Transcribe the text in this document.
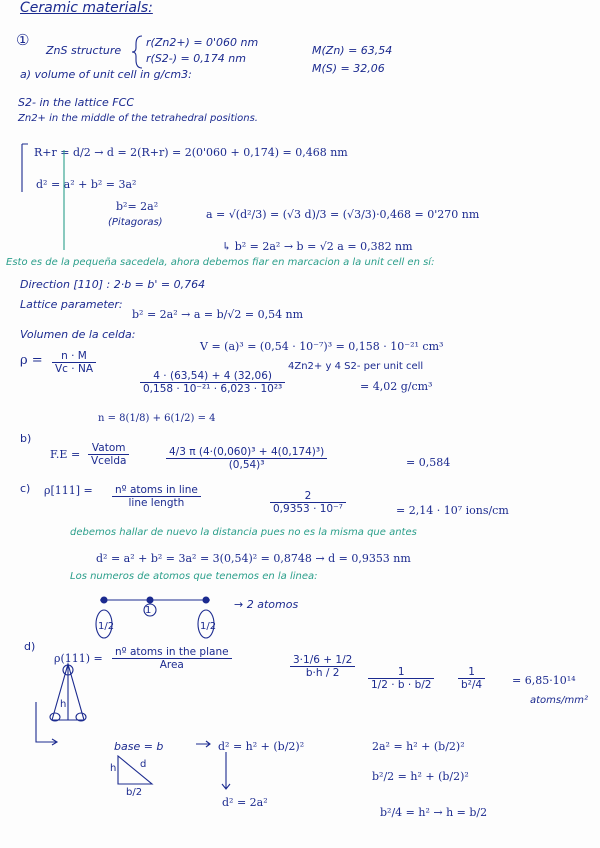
Ceramic materials:
①
ZnS structure
r(Zn2+) = 0'060 nm
r(S2-) = 0,174 nm
M(Zn) = 63,54
M(S) = 32,06
a) volume of unit cell in g/cm3:
S2- in the lattice FCC
Zn2+ in the middle of the tetrahedral positions.
R+r = d/2 → d = 2(R+r) = 2(0'060 + 0,174) = 0,468 nm
d² = a² + b² = 3a²
b²= 2a²
(Pitagoras)
a = √(d²/3) = (√3 d)/3 = (√3/3)·0,468 = 0'270 nm
↳ b² = 2a² → b = √2 a = 0,382 nm
Esto es de la pequeña sacedela, ahora debemos fiar en marcacion a la unit cell en sí:
Direction [110] : 2·b = b' = 0,764
Lattice parameter:
b² = 2a² → a = b/√2 = 0,54 nm
Volumen de la celda:
V = (a)³ = (0,54 · 10⁻⁷)³ = 0,158 · 10⁻²¹ cm³
$\rho = \frac{n \cdot M}{Vc \cdot NA}$	4Zn2+ y 4 S2- per unit cell
$\frac{4 \cdot (63,54) + 4 (32,06)}{\text{0,158 · 10⁻²¹ · 6,023 · 10²³}}$	= 4,02 g/cm³
n = 8(1/8) + 6(1/2) = 4
b)
F.E =	Vatom
Vcelda	$\frac{\text{4/3 π (4·(0,060)³ + 4(0,174)³)}}{\text{(0,54)³}}$	= 0,584
c) ρ[111] = nº atoms in line
line length	$\frac{2}{\text{0,9353 · 10⁻⁷}}$	= 2,14 · 10⁷ ions/cm
debemos hallar de nuevo la distancia pues no es la misma que antes
d² = a² + b² = 3a² = 3(0,54)² = 0,8748 → d = 0,9353 nm
Los numeros de atomos que tenemos en la linea:
1/2
1
1/2
→ 2 atomos
d)
ρ(111) = nº atoms in the plane
Area	$\frac{3\cdot 1/6 + 1/2}{b\cdot h / 2} \frac{1}{1/2 \cdot b \cdot b/2} \frac{1}{\text{b²/4}} = 6,85\cdot 10^{14}$
atoms/mm²
base = b	d² = h² + (b/2)²	2a² = h² + (b/2)²
d² = 2a²
b²/2 = h² + (b/2)²
b²/4 = h² → h = b/2
h d
b/2
h
